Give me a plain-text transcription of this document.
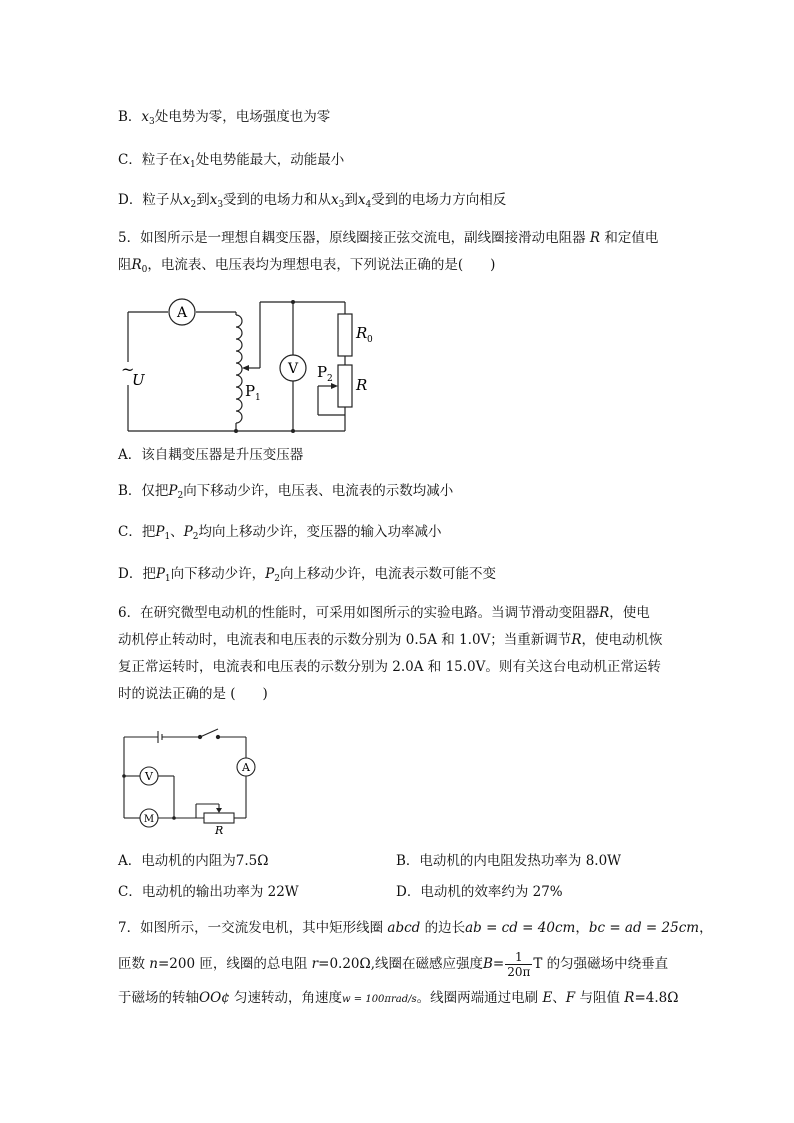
B．$x_3$处电势为零，电场强度也为零
C．粒子在$x_1$处电势能最大，动能最小
D．粒子从$x_2$到$x_3$受到的电场力和从$x_3$到$x_4$受到的电场力方向相反
5．如图所示是一理想自耦变压器，原线圈接正弦交流电，副线圈接滑动电阻器 R 和定值电
阻$R_0$，电流表、电压表均为理想电表，下列说法正确的是(　　)
A
V
~
U
P 1
P 2
R 0
R
A．该自耦变压器是升压变压器
B．仅把$P_2$向下移动少许，电压表、电流表的示数均减小
C．把$P_1$、$P_2$均向上移动少许，变压器的输入功率减小
D．把$P_1$向下移动少许，$P_2$向上移动少许，电流表示数可能不变
6．在研究微型电动机的性能时，可采用如图所示的实验电路。当调节滑动变阻器R，使电
动机停止转动时，电流表和电压表的示数分别为 0.5A 和 1.0V；当重新调节R，使电动机恢
复正常运转时，电流表和电压表的示数分别为 2.0A 和 15.0V。则有关这台电动机正常运转
时的说法正确的是 (　　)
V
A
M
R
A．电动机的内阻为7.5Ω	B．电动机的内电阻发热功率为 8.0W
C．电动机的输出功率为 22W	D．电动机的效率约为 27%
7．如图所示，一交流发电机，其中矩形线圈 abcd 的边长ab = cd = 40cm，bc = ad = 25cm，
匝数 n=200 匝，线圈的总电阻 r=0.20Ω,线圈在磁感应强度$B= \frac{1}{20\pi}$ T 的匀强磁场中绕垂直
于磁场的转轴OO¢ 匀速转动，角速度w = 100πrad/s。线圈两端通过电刷 E、F 与阻值 R=4.8Ω
